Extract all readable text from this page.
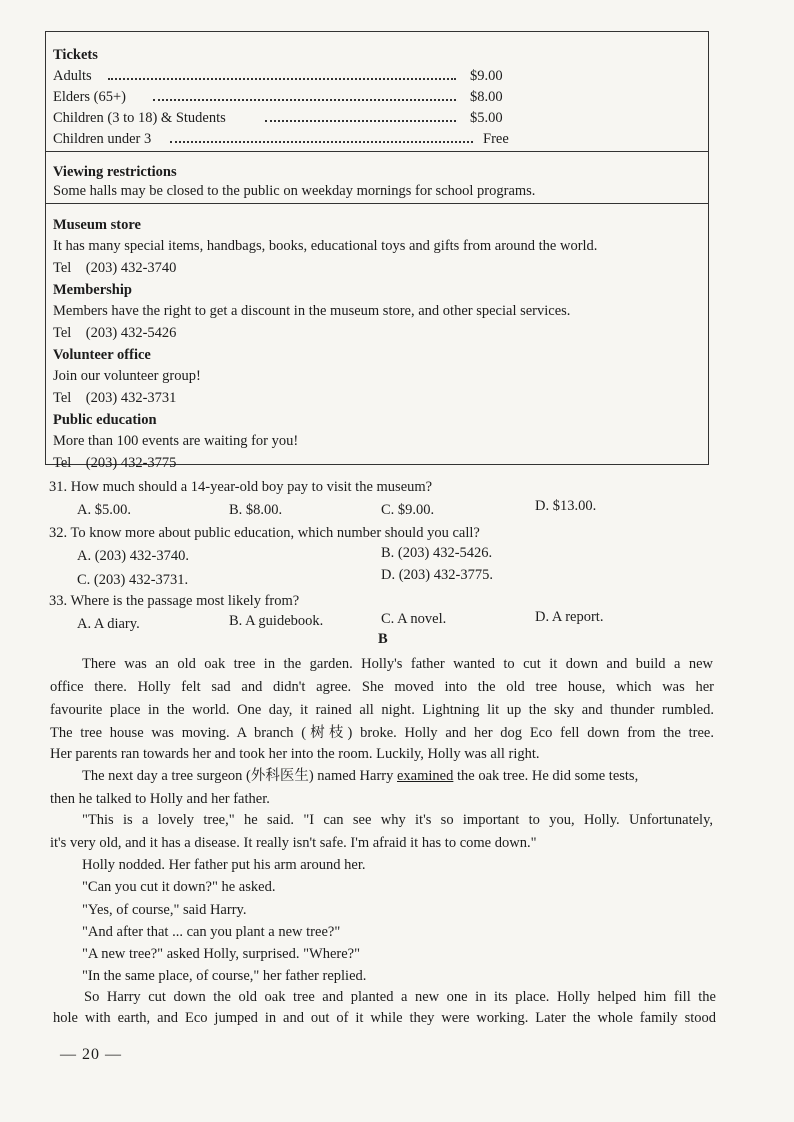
Tickets
Adults	$9.00
Elders (65+)	$8.00
Children (3 to 18) & Students	$5.00
Children under 3	Free
Viewing restrictions
Some halls may be closed to the public on weekday mornings for school programs.
Museum store
It has many special items, handbags, books, educational toys and gifts from around the world.
Tel　(203) 432-3740
Membership
Members have the right to get a discount in the museum store, and other special services.
Tel　(203) 432-5426
Volunteer office
Join our volunteer group!
Tel　(203) 432-3731
Public education
More than 100 events are waiting for you!
Tel　(203) 432-3775
31. How much should a 14-year-old boy pay to visit the museum?
A. $5.00.	B. $8.00.	C. $9.00.	D. $13.00.
32. To know more about public education, which number should you call?
A. (203) 432-3740.	B. (203) 432-5426.
C. (203) 432-3731.	D. (203) 432-3775.
33. Where is the passage most likely from?
A. A diary.	B. A guidebook.	C. A novel.	D. A report.
B
There was an old oak tree in the garden. Holly's father wanted to cut it down and build a new
office there. Holly felt sad and didn't agree. She moved into the old tree house, which was her
favourite place in the world. One day, it rained all night. Lightning lit up the sky and thunder rumbled.
The tree house was moving. A branch (树枝) broke. Holly and her dog Eco fell down from the tree.
Her parents ran towards her and took her into the room. Luckily, Holly was all right.
The next day a tree surgeon (外科医生) named Harry examined the oak tree. He did some tests,
then he talked to Holly and her father.
"This is a lovely tree," he said. "I can see why it's so important to you, Holly. Unfortunately,
it's very old, and it has a disease. It really isn't safe. I'm afraid it has to come down."
Holly nodded. Her father put his arm around her.
"Can you cut it down?" he asked.
"Yes, of course," said Harry.
"And after that ... can you plant a new tree?"
"A new tree?" asked Holly, surprised. "Where?"
"In the same place, of course," her father replied.
So Harry cut down the old oak tree and planted a new one in its place. Holly helped him fill the
hole with earth, and Eco jumped in and out of it while they were working. Later the whole family stood
— 20 —
